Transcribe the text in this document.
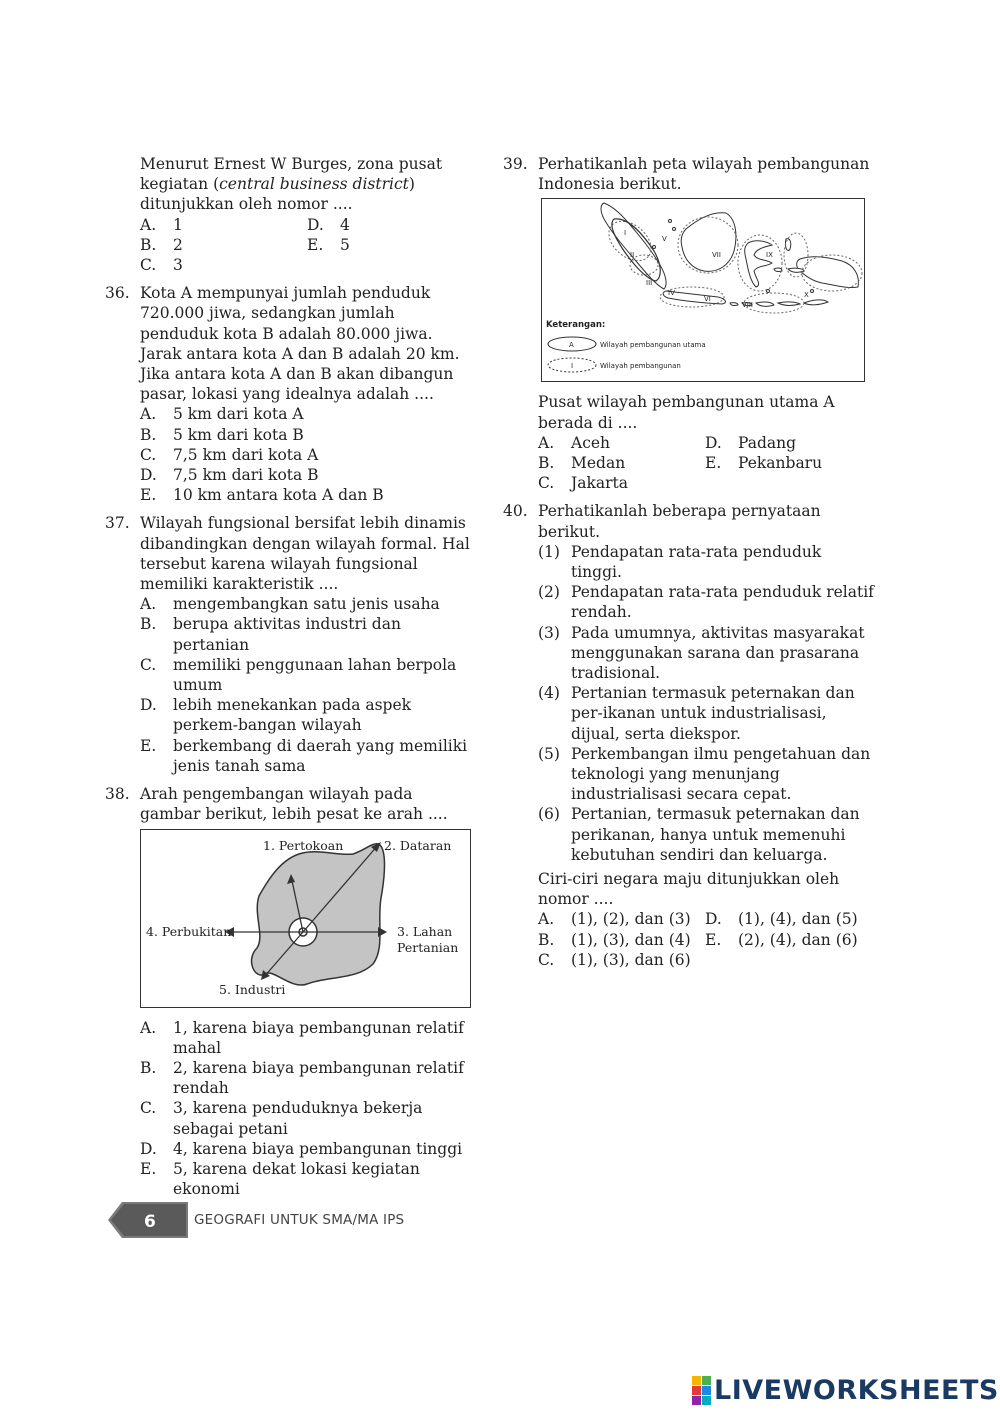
Menurut Ernest W Burges, zona pusat kegiatan (central business district) ditunjukkan oleh nomor ....

A. 1	D. 4
B. 2	E. 5
C. 3
36. Kota A mempunyai jumlah penduduk 720.000 jiwa, sedangkan jumlah penduduk kota B adalah 80.000 jiwa. Jarak antara kota A dan B adalah 20 km. Jika antara kota A dan B akan dibangun pasar, lokasi yang idealnya adalah ....

A. 5 km dari kota A
B. 5 km dari kota B
C. 7,5 km dari kota A
D. 7,5 km dari kota B
E. 10 km antara kota A dan B
37. Wilayah fungsional bersifat lebih dinamis dibandingkan dengan wilayah formal. Hal tersebut karena wilayah fungsional memiliki karakteristik ....

A. mengembangkan satu jenis usaha
B. berupa aktivitas industri dan pertanian
C. memiliki penggunaan lahan berpola umum
D. lebih menekankan pada aspek perkem-bangan wilayah
E. berkembang di daerah yang memiliki jenis tanah sama
38. Arah pengembangan wilayah pada gambar berikut, lebih pesat ke arah ....

1. Pertokoan	2. Dataran
3. Lahan
Pertanian
4. Perbukitan
5. Industri
A. 1, karena biaya pembangunan relatif mahal
B. 2, karena biaya pembangunan relatif rendah
C. 3, karena penduduknya bekerja sebagai petani
D. 4, karena biaya pembangunan tinggi
E. 5, karena dekat lokasi kegiatan ekonomi
39. Perhatikanlah peta wilayah pembangunan Indonesia berikut.

I
II
III
IV
V
VI
VII
VIII
IX
X
Keterangan:
A	Wilayah pembangunan utama
I	Wilayah pembangunan

Pusat wilayah pembangunan utama A berada di ....

A. Aceh	D. Padang
B. Medan	E. Pekanbaru
C. Jakarta
40. Perhatikanlah beberapa pernyataan berikut.

(1) Pendapatan rata-rata penduduk tinggi.
(2) Pendapatan rata-rata penduduk relatif rendah.
(3) Pada umumnya, aktivitas masyarakat menggunakan sarana dan prasarana tradisional.
(4) Pertanian termasuk peternakan dan per-ikanan untuk industrialisasi, dijual, serta diekspor.
(5) Perkembangan ilmu pengetahuan dan teknologi yang menunjang industrialisasi secara cepat.
(6) Pertanian, termasuk peternakan dan perikanan, hanya untuk memenuhi kebutuhan sendiri dan keluarga.

Ciri-ciri negara maju ditunjukkan oleh nomor ....

A. (1), (2), dan (3) D. (1), (4), dan (5)
B. (1), (3), dan (4) E. (2), (4), dan (6)
C. (1), (3), dan (6)
6	GEOGRAFI UNTUK SMA/MA IPS
LIVEWORKSHEETS
